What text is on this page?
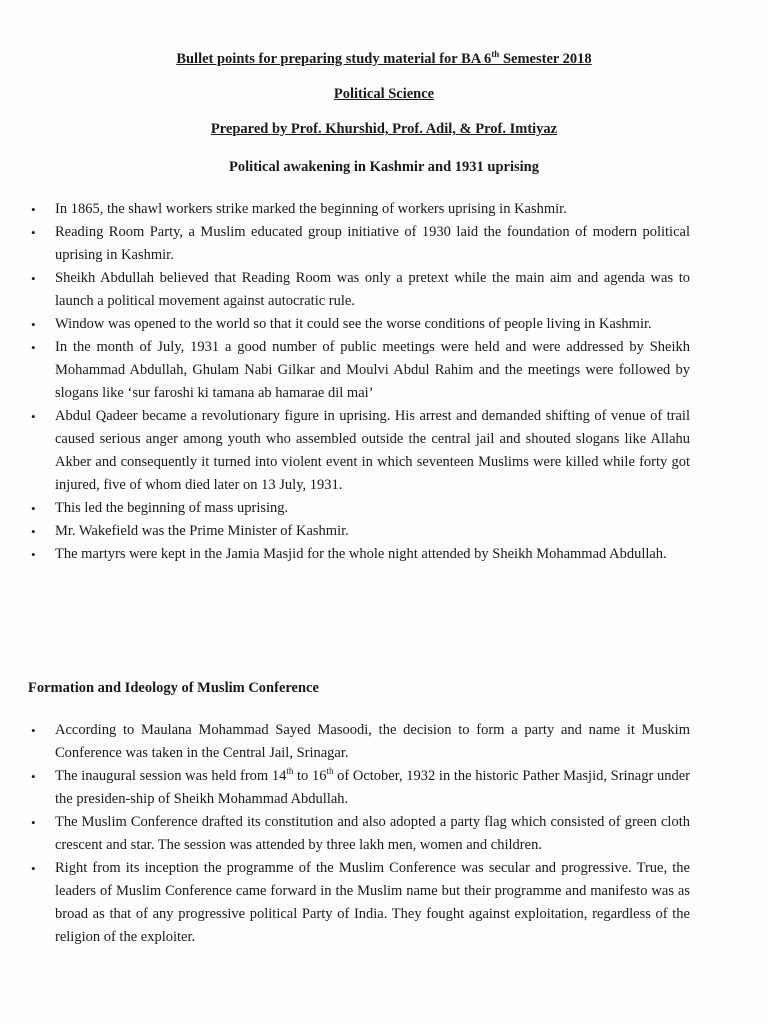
Bullet points for preparing study material for BA 6th Semester 2018

Political Science

Prepared by Prof. Khurshid, Prof. Adil, & Prof. Imtiyaz

Political awakening in Kashmir and 1931 uprising

• In 1865, the shawl workers strike marked the beginning of workers uprising in Kashmir.
• Reading Room Party, a Muslim educated group initiative of 1930 laid the foundation of modern political uprising in Kashmir.
• Sheikh Abdullah believed that Reading Room was only a pretext while the main aim and agenda was to launch a political movement against autocratic rule.
• Window was opened to the world so that it could see the worse conditions of people living in Kashmir.
• In the month of July, 1931 a good number of public meetings were held and were addressed by Sheikh Mohammad Abdullah, Ghulam Nabi Gilkar and Moulvi Abdul Rahim and the meetings were followed by slogans like ‘sur faroshi ki tamana ab hamarae dil mai’
• Abdul Qadeer became a revolutionary figure in uprising. His arrest and demanded shifting of venue of trail caused serious anger among youth who assembled outside the central jail and shouted slogans like Allahu Akber and consequently it turned into violent event in which seventeen Muslims were killed while forty got injured, five of whom died later on 13 July, 1931.
• This led the beginning of mass uprising.
• Mr. Wakefield was the Prime Minister of Kashmir.
• The martyrs were kept in the Jamia Masjid for the whole night attended by Sheikh Mohammad Abdullah.

Formation and Ideology of Muslim Conference

• According to Maulana Mohammad Sayed Masoodi, the decision to form a party and name it Muskim Conference was taken in the Central Jail, Srinagar.
• The inaugural session was held from 14th to 16th of October, 1932 in the historic Pather Masjid, Srinagr under the presiden-ship of Sheikh Mohammad Abdullah.
• The Muslim Conference drafted its constitution and also adopted a party flag which consisted of green cloth crescent and star. The session was attended by three lakh men, women and children.
• Right from its inception the programme of the Muslim Conference was secular and progressive. True, the leaders of Muslim Conference came forward in the Muslim name but their programme and manifesto was as broad as that of any progressive political Party of India. They fought against exploitation, regardless of the religion of the exploiter.
